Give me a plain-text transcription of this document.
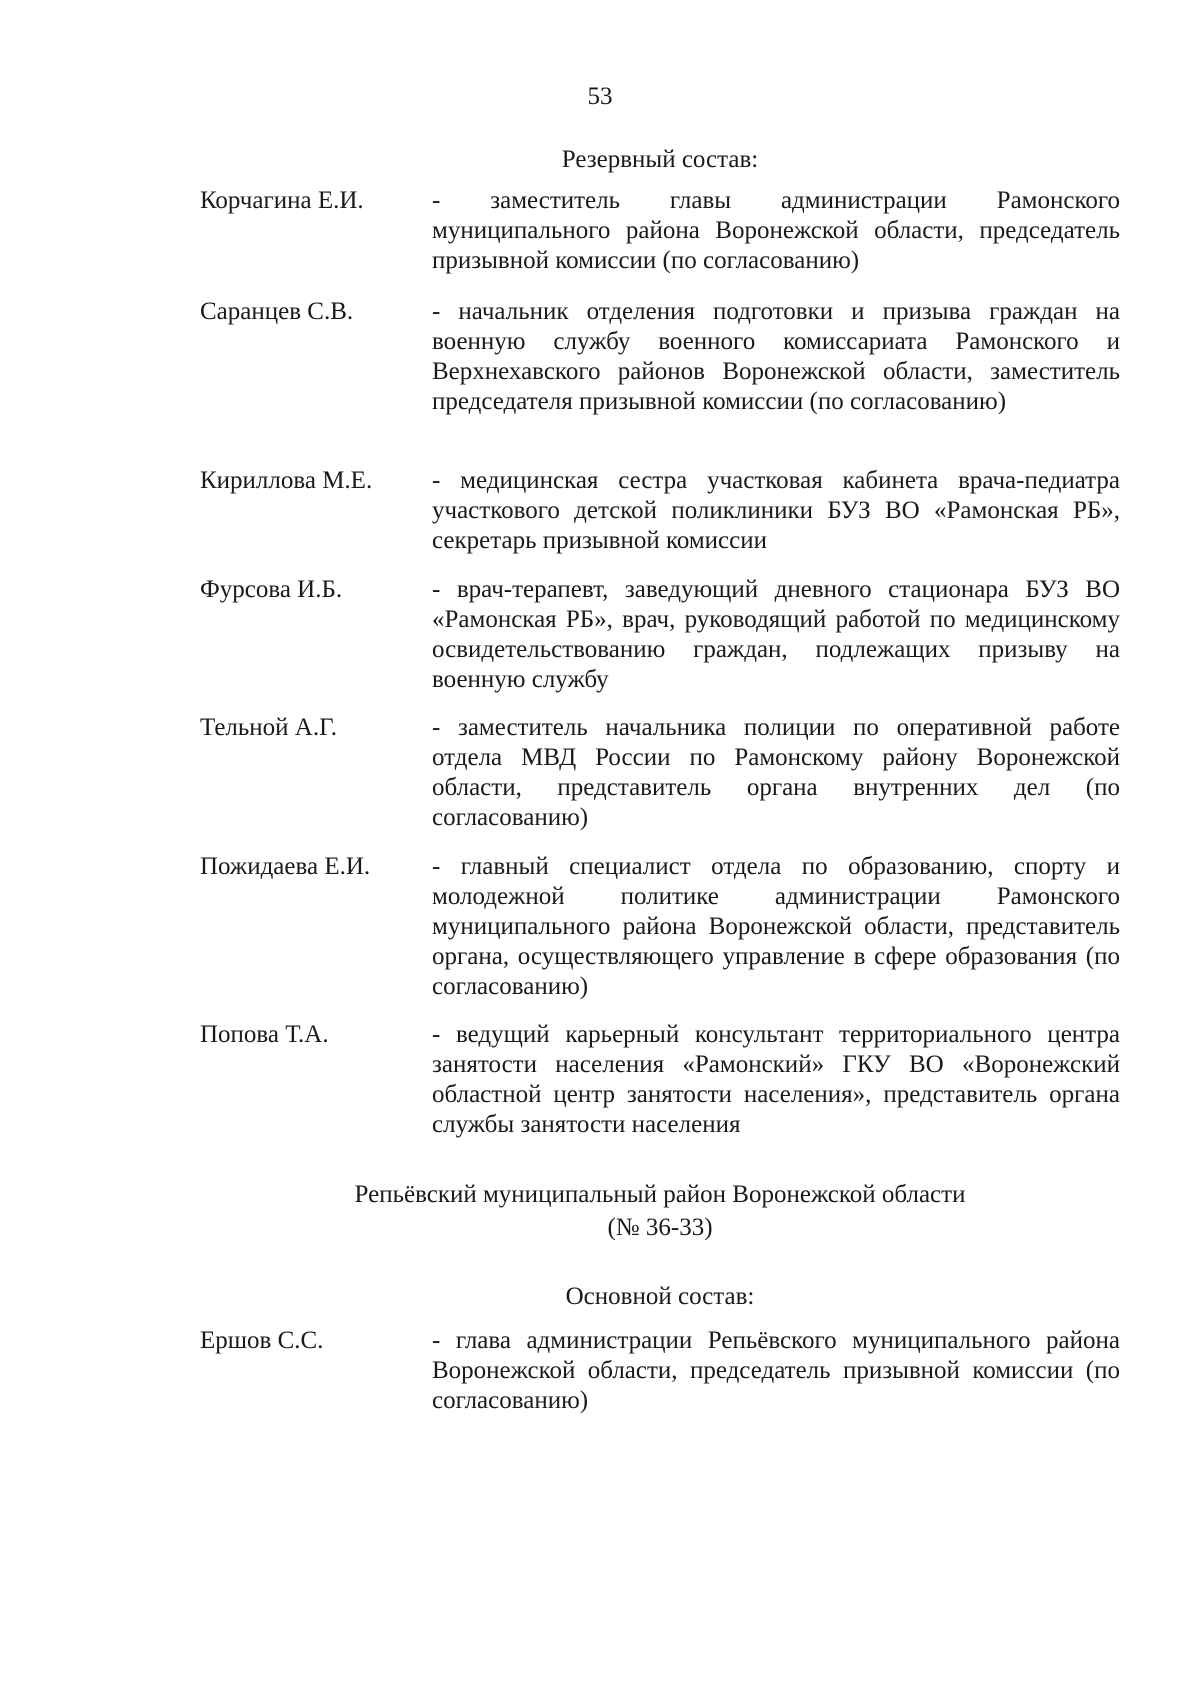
53
Резервный состав:
Корчагина Е.И.	- заместитель главы администрации Рамонского муниципального района Воронежской области, председатель призывной комиссии (по согласованию)
Саранцев С.В.	- начальник отделения подготовки и призыва граждан на военную службу военного комиссариата Рамонского и Верхнехавского районов Воронежской области, заместитель председателя призывной комиссии (по согласованию)
Кириллова М.Е. - медицинская сестра участковая кабинета врача-педиатра участкового детской поликлиники БУЗ ВО «Рамонская РБ», секретарь призывной комиссии
Фурсова И.Б.	- врач-терапевт, заведующий дневного стационара БУЗ ВО «Рамонская РБ», врач, руководящий работой по медицинскому освидетельствованию граждан, подлежащих призыву на военную службу
Тельной А.Г.	- заместитель начальника полиции по оперативной работе отдела МВД России по Рамонскому району Воронежской области, представитель органа внутренних дел (по согласованию)
Пожидаева Е.И. - главный специалист отдела по образованию, спорту и молодежной политике администрации Рамонского муниципального района Воронежской области, представитель органа, осуществляющего управление в сфере образования (по согласованию)
Попова Т.А.	- ведущий карьерный консультант территориального центра занятости населения «Рамонский» ГКУ ВО «Воронежский областной центр занятости населения», представитель органа службы занятости населения
Репьёвский муниципальный район Воронежской области
(№ 36-33)
Основной состав:
Ершов С.С.	- глава администрации Репьёвского муниципального района Воронежской области, председатель призывной комиссии (по согласованию)
